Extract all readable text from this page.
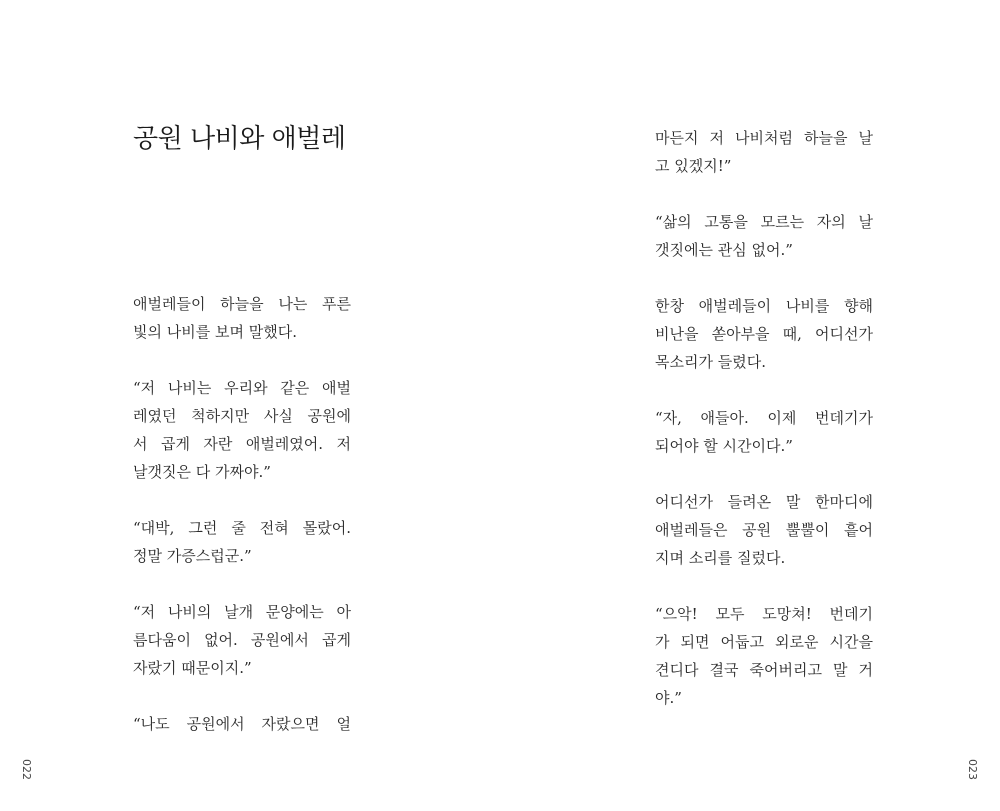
공원 나비와 애벌레

애벌레들이 하늘을 나는 푸른
빛의 나비를 보며 말했다.

“저 나비는 우리와 같은 애벌
레였던 척하지만 사실 공원에
서 곱게 자란 애벌레였어. 저
날갯짓은 다 가짜야.”

“대박, 그런 줄 전혀 몰랐어.
정말 가증스럽군.”

“저 나비의 날개 문양에는 아
름다움이 없어. 공원에서 곱게
자랐기 때문이지.”

“나도 공원에서 자랐으면 얼

022

마든지 저 나비처럼 하늘을 날
고 있겠지!”

“삶의 고통을 모르는 자의 날
갯짓에는 관심 없어.”

한창 애벌레들이 나비를 향해
비난을 쏟아부을 때, 어디선가
목소리가 들렸다.

“자, 애들아. 이제 번데기가
되어야 할 시간이다.”

어디선가 들려온 말 한마디에
애벌레들은 공원 뿔뿔이 흩어
지며 소리를 질렀다.

“으악! 모두 도망쳐! 번데기
가 되면 어둡고 외로운 시간을
견디다 결국 죽어버리고 말 거
야.”

023
